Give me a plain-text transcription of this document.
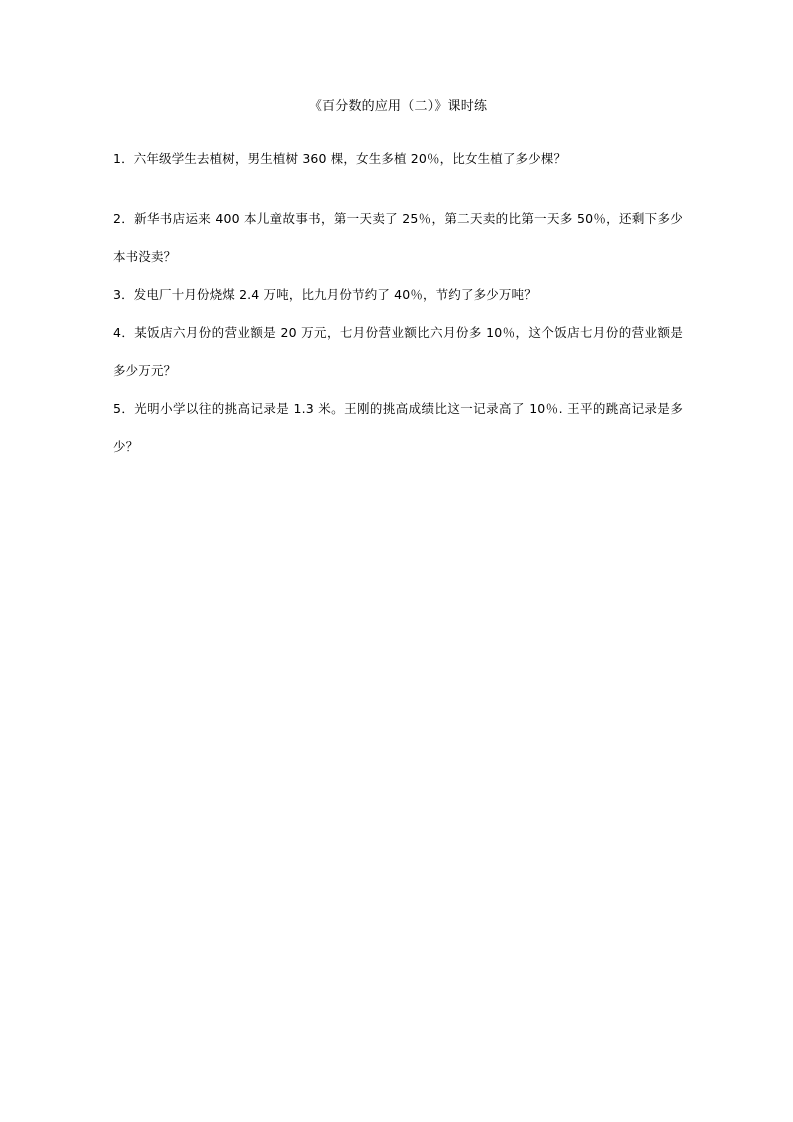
《百分数的应用（二）》课时练
1．六年级学生去植树，男生植树 360 棵，女生多植 20％，比女生植了多少棵？
2．新华书店运来 400 本儿童故事书，第一天卖了 25％，第二天卖的比第一天多 50％，还剩下多少本书没卖？
3．发电厂十月份烧煤 2.4 万吨，比九月份节约了 40％，节约了多少万吨？
4．某饭店六月份的营业额是 20 万元，七月份营业额比六月份多 10％，这个饭店七月份的营业额是多少万元？
5．光明小学以往的挑高记录是 1.3 米。王刚的挑高成绩比这一记录高了 10％. 王平的跳高记录是多少？
